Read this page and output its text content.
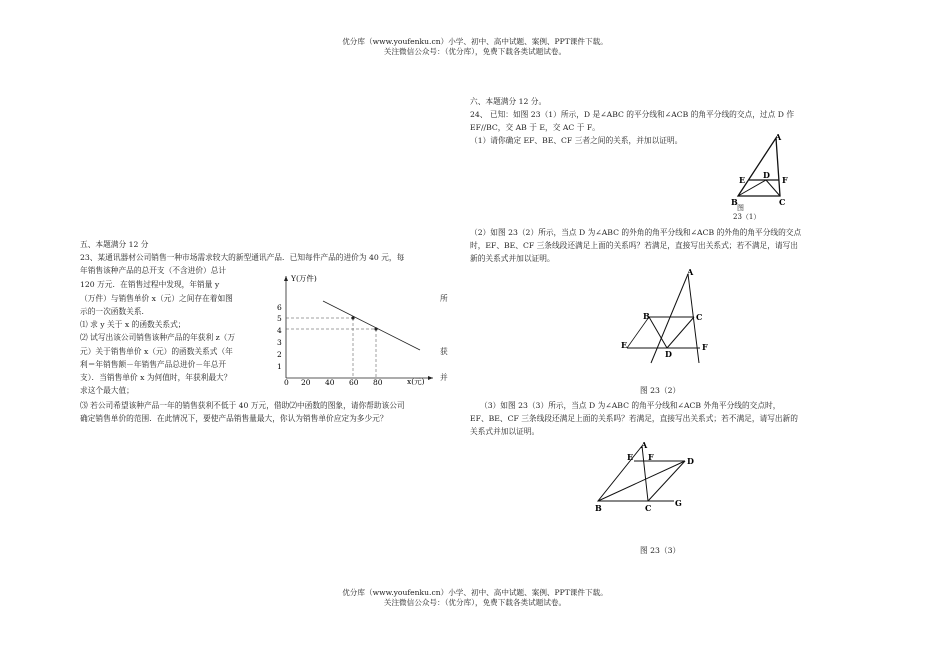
优分库（www.youfenku.cn）小学、初中、高中试题、案例、PPT课件下载。
关注微信公众号：（优分库），免费下载各类试题试卷。
五、本题满分 12 分
23、某通讯器材公司销售一种市场需求较大的新型通讯产品．已知每件产品的进价为 40 元，每
年销售该种产品的总开支（不含进价）总计
120 万元．在销售过程中发现，年销量 y
（万件）与销售单价 x（元）之间存在着如图
示的一次函数关系．
⑴ 求 y 关于 x 的函数关系式；
⑵ 试写出该公司销售该种产品的年获利 z（万
元）关于销售单价 x（元）的函数关系式（年
利＝年销售额－年销售产品总进价－年总开
支）．当销售单价 x 为何值时，年获利最大？
求这个最大值；
所
获
并
⑶ 若公司希望该种产品一年的销售获利不低于 40 万元，借助⑵中函数的图象，请你帮助该公司
确定销售单价的范围．在此情况下，要使产品销售量最大，你认为销售单价应定为多少元？
Y(万件)
x(元)
6
5
4
3
2
1
0 20 40 60 80
六、本题满分 12 分。
24、 已知：如图 23（1）所示，D 是∠ABC 的平分线和∠ACB 的角平分线的交点，过点 D 作
EF//BC，交 AB 于 E，交 AC 于 F。
（1）请你确定 EF、BE、CF 三者之间的关系，并加以证明。	A
B	C
D
E	F
图
23（1）
（2）如图 23（2）所示，当点 D 为∠ABC 的外角的角平分线和∠ACB 的外角的角平分线的交点
时，EF、BE、CF 三条线段还满足上面的关系吗？若满足，直接写出关系式；若不满足，请写出
新的关系式并加以证明。
A
B	C
D
E	F
图 23（2）
（3）如图 23（3）所示，当点 D 为∠ABC 的角平分线和∠ACB 外角平分线的交点时，
EF、BE、CF 三条线段还满足上面的关系吗？若满足，直接写出关系式；若不满足，请写出新的
关系式并加以证明。
A
B	C
D
E F
G
图 23（3）
优分库（www.youfenku.cn）小学、初中、高中试题、案例、PPT课件下载。
关注微信公众号：（优分库），免费下载各类试题试卷。
